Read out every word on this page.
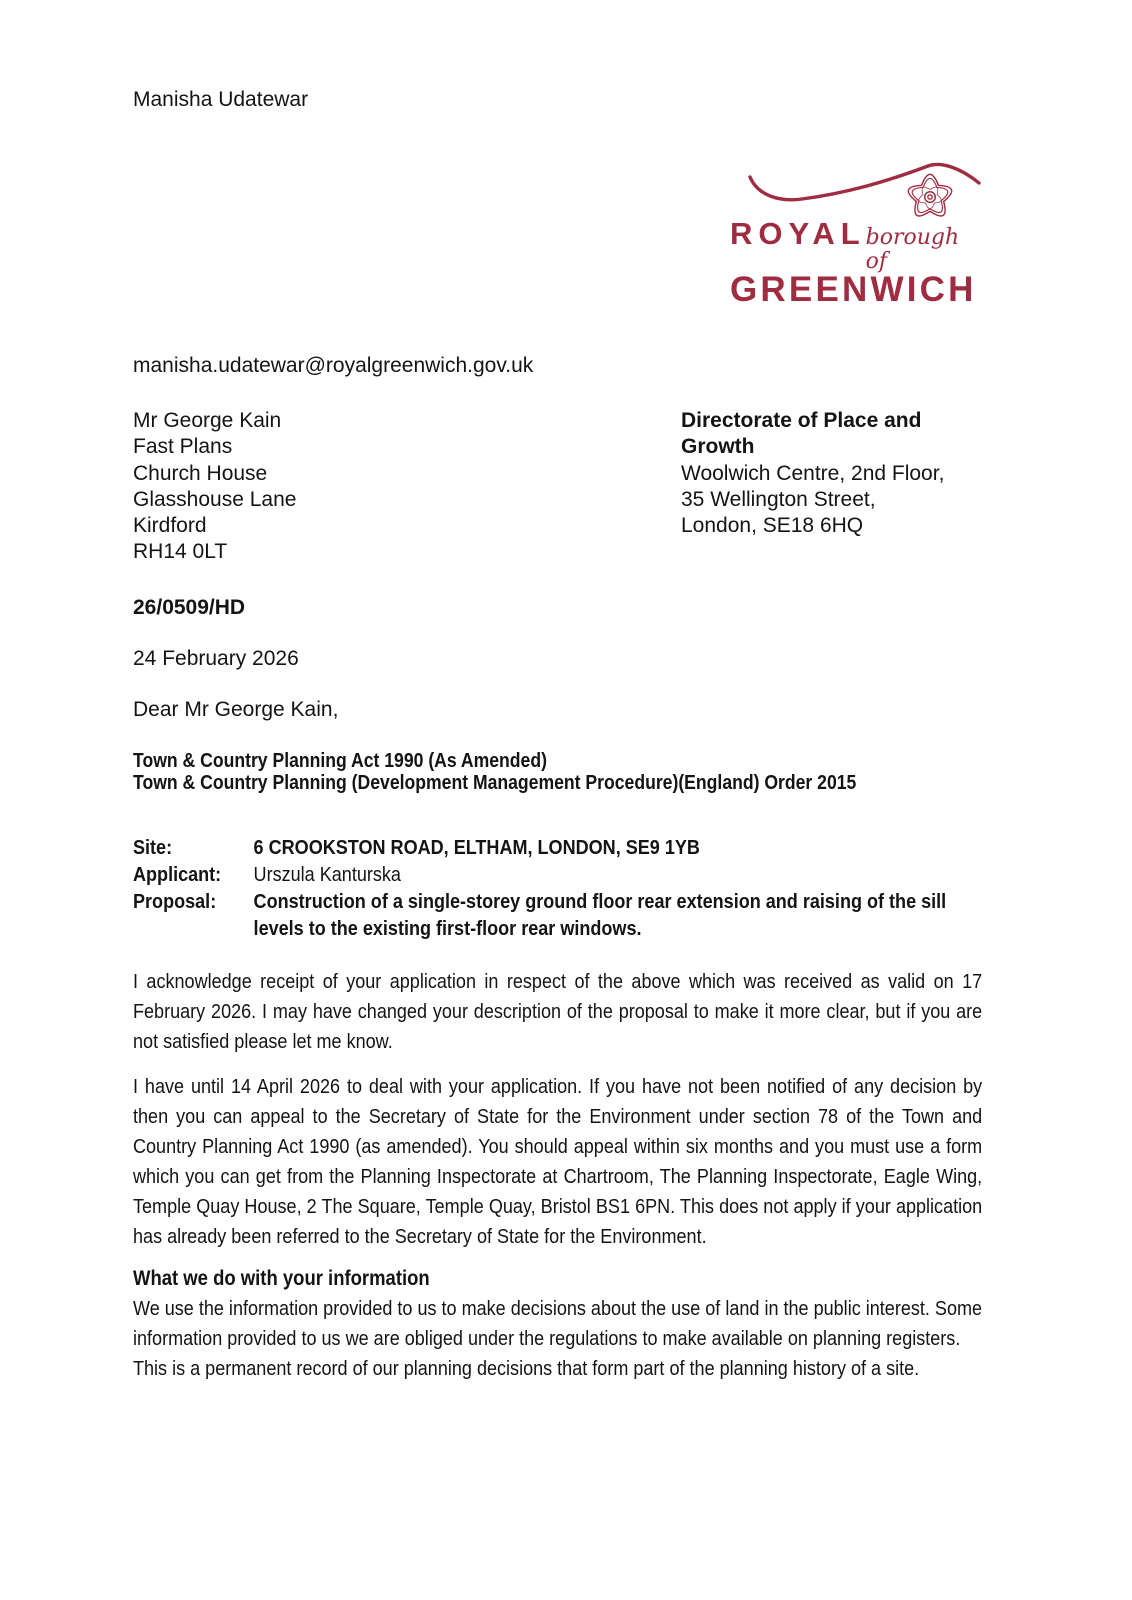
Manisha Udatewar
ROYAL borough of
GREENWICH
manisha.udatewar@royalgreenwich.gov.uk
Mr George Kain
Fast Plans
Church House
Glasshouse Lane
Kirdford
RH14 0LT
Directorate of Place and Growth
Woolwich Centre, 2nd Floor,
35 Wellington Street,
London, SE18 6HQ
26/0509/HD
24 February 2026
Dear Mr George Kain,
Town & Country Planning Act 1990 (As Amended)
Town & Country Planning (Development Management Procedure)(England) Order 2015
Site:	6 CROOKSTON ROAD, ELTHAM, LONDON, SE9 1YB
Applicant:	Urszula Kanturska
Proposal:	Construction of a single-storey ground floor rear extension and raising of the sill levels to the existing first-floor rear windows.
I acknowledge receipt of your application in respect of the above which was received as valid on 17 February 2026. I may have changed your description of the proposal to make it more clear, but if you are not satisfied please let me know.
I have until 14 April 2026 to deal with your application. If you have not been notified of any decision by then you can appeal to the Secretary of State for the Environment under section 78 of the Town and Country Planning Act 1990 (as amended). You should appeal within six months and you must use a form which you can get from the Planning Inspectorate at Chartroom, The Planning Inspectorate, Eagle Wing, Temple Quay House, 2 The Square, Temple Quay, Bristol BS1 6PN. This does not apply if your application has already been referred to the Secretary of State for the Environment.
What we do with your information
We use the information provided to us to make decisions about the use of land in the public interest. Some information provided to us we are obliged under the regulations to make available on planning registers. This is a permanent record of our planning decisions that form part of the planning history of a site.
